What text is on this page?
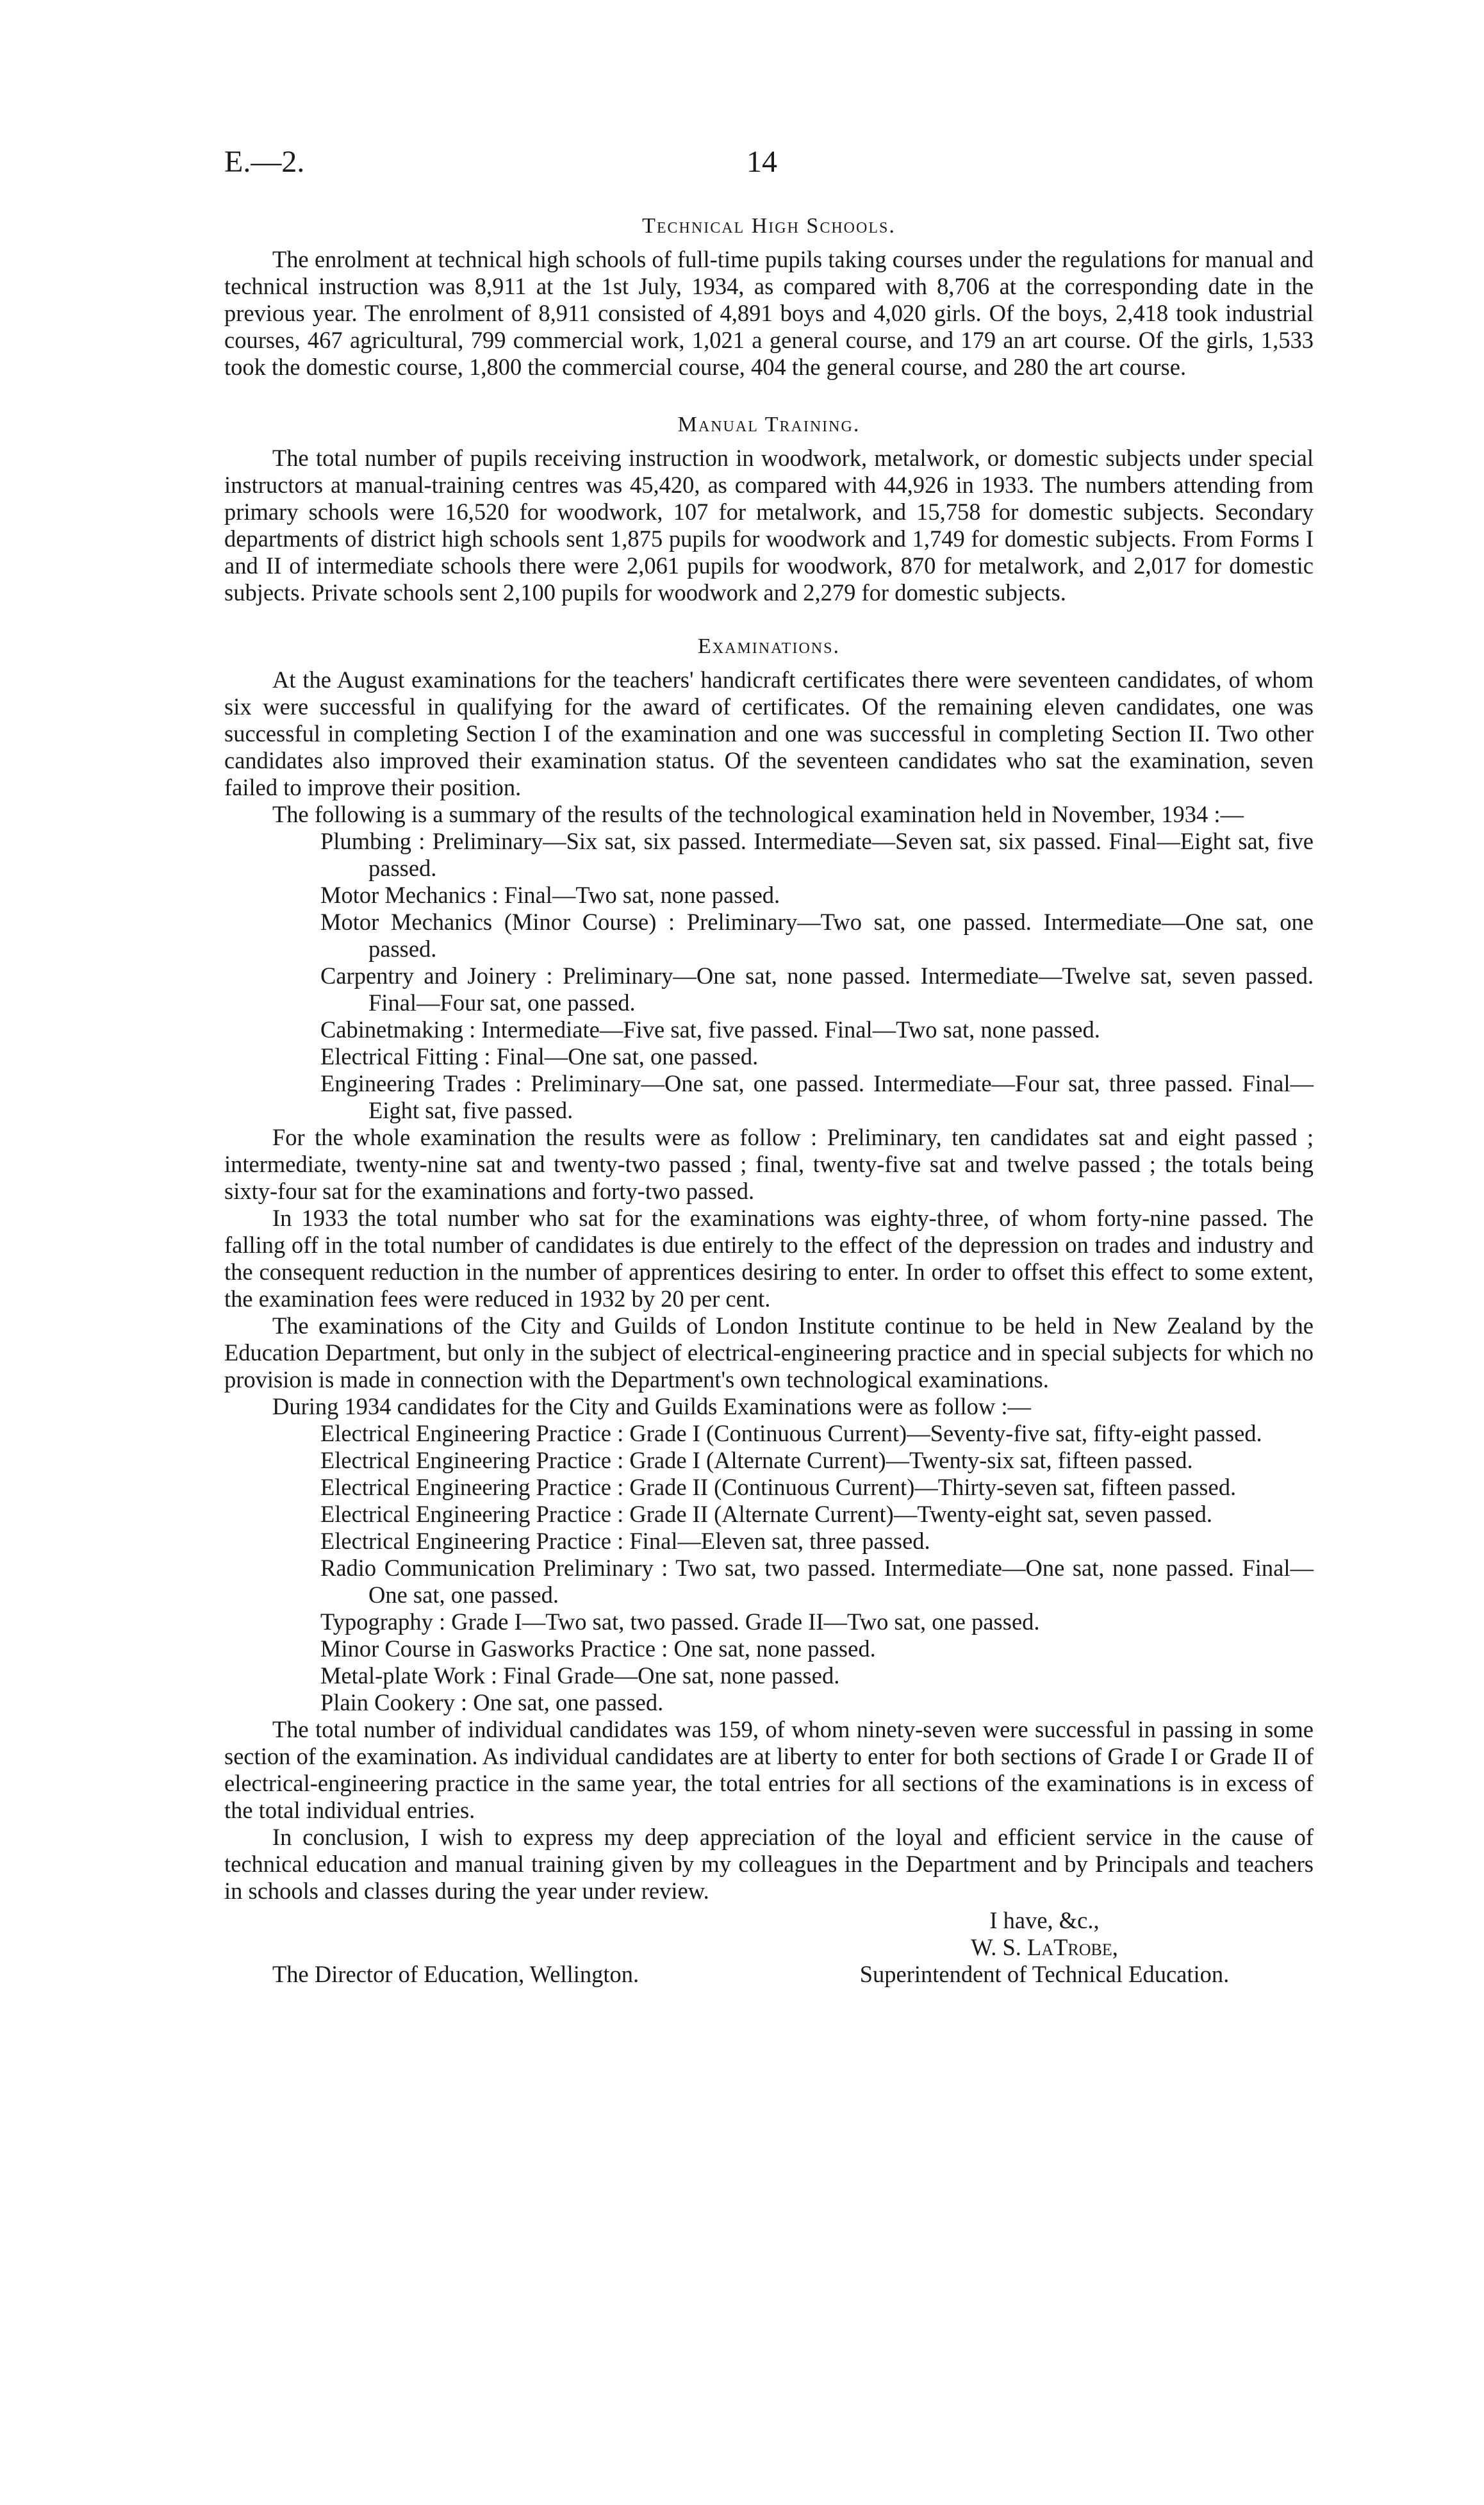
E.—2.	14
Technical High Schools.

The enrolment at technical high schools of full-time pupils taking courses under the regulations for manual and technical instruction was 8,911 at the 1st July, 1934, as compared with 8,706 at the corresponding date in the previous year. The enrolment of 8,911 consisted of 4,891 boys and 4,020 girls. Of the boys, 2,418 took industrial courses, 467 agricultural, 799 commercial work, 1,021 a general course, and 179 an art course. Of the girls, 1,533 took the domestic course, 1,800 the commercial course, 404 the general course, and 280 the art course.

Manual Training.

The total number of pupils receiving instruction in woodwork, metalwork, or domestic subjects under special instructors at manual-training centres was 45,420, as compared with 44,926 in 1933. The numbers attending from primary schools were 16,520 for woodwork, 107 for metalwork, and 15,758 for domestic subjects. Secondary departments of district high schools sent 1,875 pupils for woodwork and 1,749 for domestic subjects. From Forms I and II of intermediate schools there were 2,061 pupils for woodwork, 870 for metalwork, and 2,017 for domestic subjects. Private schools sent 2,100 pupils for woodwork and 2,279 for domestic subjects.

Examinations.

At the August examinations for the teachers' handicraft certificates there were seventeen candidates, of whom six were successful in qualifying for the award of certificates. Of the remaining eleven candidates, one was successful in completing Section I of the examination and one was successful in completing Section II. Two other candidates also improved their examination status. Of the seventeen candidates who sat the examination, seven failed to improve their position.

The following is a summary of the results of the technological examination held in November, 1934 :—

Plumbing : Preliminary—Six sat, six passed. Intermediate—Seven sat, six passed. Final—Eight sat, five passed.
Motor Mechanics : Final—Two sat, none passed.
Motor Mechanics (Minor Course) : Preliminary—Two sat, one passed. Intermediate—One sat, one passed.
Carpentry and Joinery : Preliminary—One sat, none passed. Intermediate—Twelve sat, seven passed. Final—Four sat, one passed.
Cabinetmaking : Intermediate—Five sat, five passed. Final—Two sat, none passed.
Electrical Fitting : Final—One sat, one passed.
Engineering Trades : Preliminary—One sat, one passed. Intermediate—Four sat, three passed. Final—Eight sat, five passed.

For the whole examination the results were as follow : Preliminary, ten candidates sat and eight passed ; intermediate, twenty-nine sat and twenty-two passed ; final, twenty-five sat and twelve passed ; the totals being sixty-four sat for the examinations and forty-two passed.

In 1933 the total number who sat for the examinations was eighty-three, of whom forty-nine passed. The falling off in the total number of candidates is due entirely to the effect of the depression on trades and industry and the consequent reduction in the number of apprentices desiring to enter. In order to offset this effect to some extent, the examination fees were reduced in 1932 by 20 per cent.

The examinations of the City and Guilds of London Institute continue to be held in New Zealand by the Education Department, but only in the subject of electrical-engineering practice and in special subjects for which no provision is made in connection with the Department's own technological examinations.

During 1934 candidates for the City and Guilds Examinations were as follow :—

Electrical Engineering Practice : Grade I (Continuous Current)—Seventy-five sat, fifty-eight passed.
Electrical Engineering Practice : Grade I (Alternate Current)—Twenty-six sat, fifteen passed.
Electrical Engineering Practice : Grade II (Continuous Current)—Thirty-seven sat, fifteen passed.
Electrical Engineering Practice : Grade II (Alternate Current)—Twenty-eight sat, seven passed.
Electrical Engineering Practice : Final—Eleven sat, three passed.
Radio Communication Preliminary : Two sat, two passed. Intermediate—One sat, none passed. Final—One sat, one passed.
Typography : Grade I—Two sat, two passed. Grade II—Two sat, one passed.
Minor Course in Gasworks Practice : One sat, none passed.
Metal-plate Work : Final Grade—One sat, none passed.
Plain Cookery : One sat, one passed.

The total number of individual candidates was 159, of whom ninety-seven were successful in passing in some section of the examination. As individual candidates are at liberty to enter for both sections of Grade I or Grade II of electrical-engineering practice in the same year, the total entries for all sections of the examinations is in excess of the total individual entries.

In conclusion, I wish to express my deep appreciation of the loyal and efficient service in the cause of technical education and manual training given by my colleagues in the Department and by Principals and teachers in schools and classes during the year under review.

I have, &c.,
W. S. LaTrobe,
The Director of Education, Wellington.	Superintendent of Technical Education.
